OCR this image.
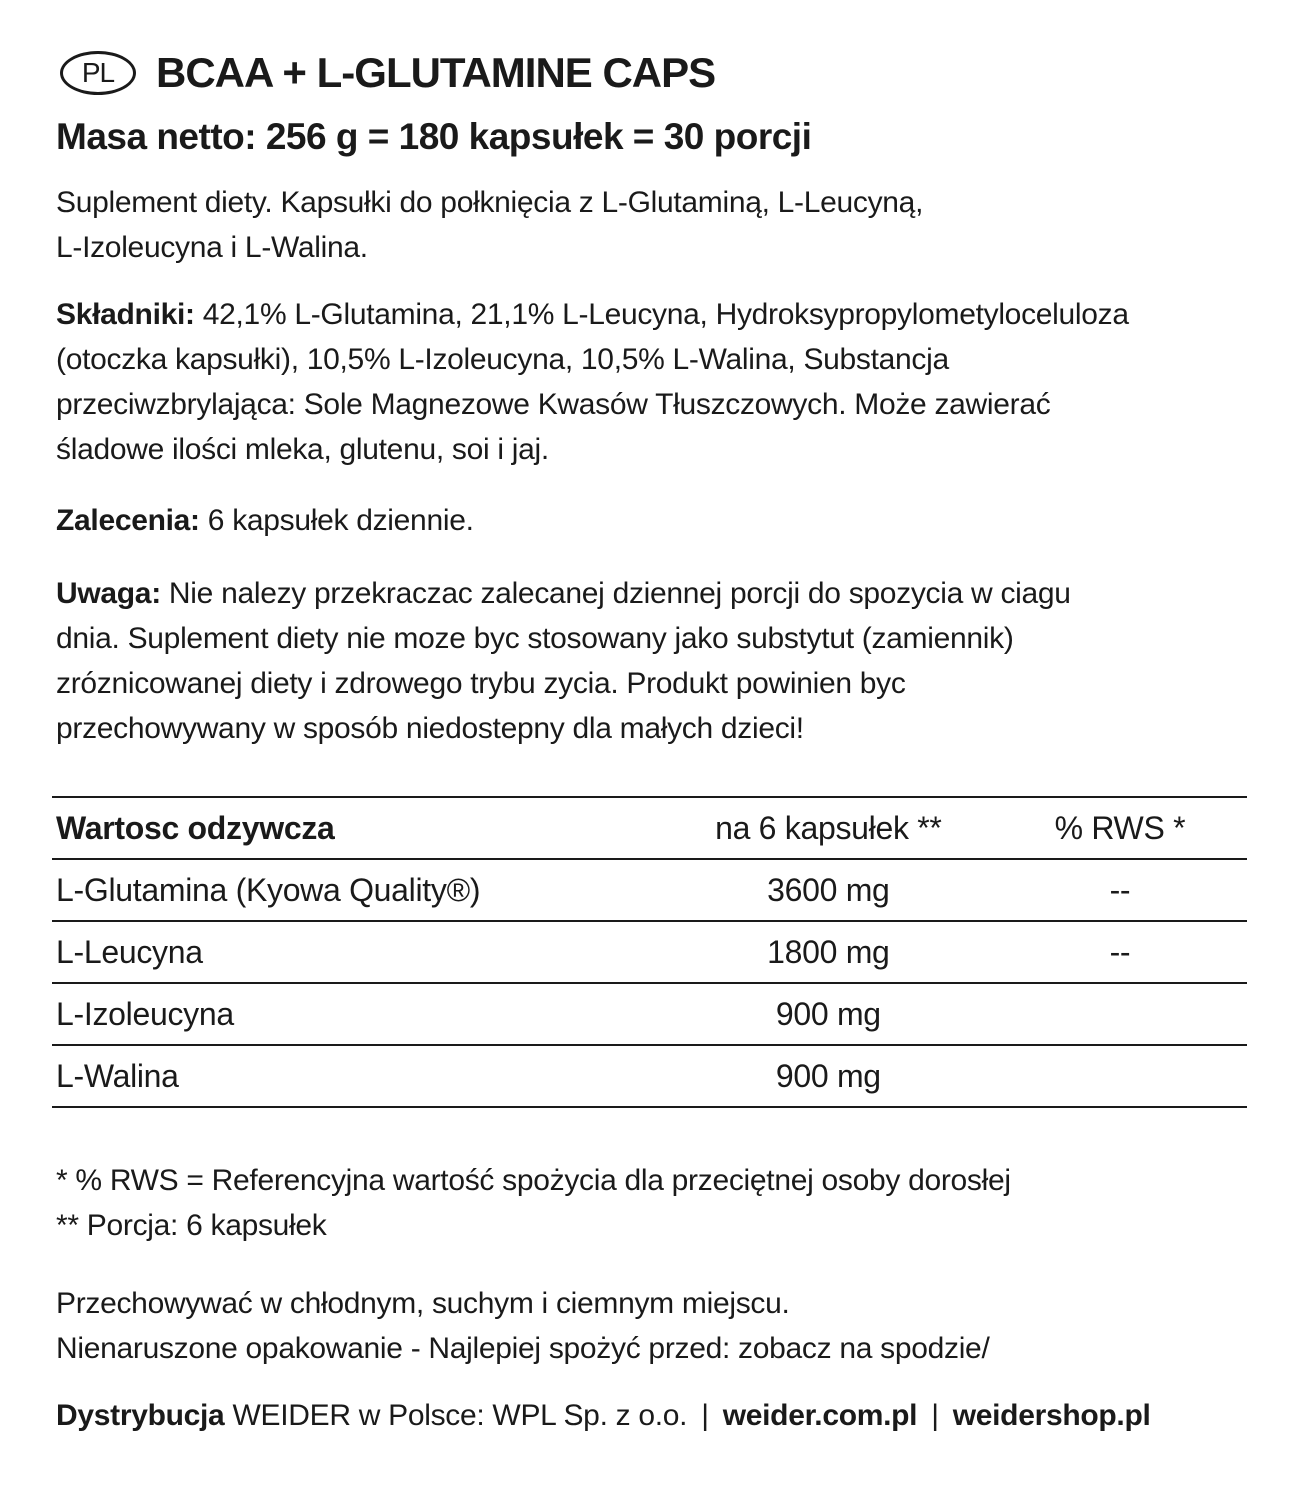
PL BCAA + L-GLUTAMINE CAPS
Masa netto: 256 g = 180 kapsułek = 30 porcji
Suplement diety. Kapsułki do połknięcia z L-Glutaminą, L-Leucyną,
L-Izoleucyna i L-Walina.
Składniki: 42,1% L-Glutamina, 21,1% L-Leucyna, Hydroksypropylometyloceluloza
(otoczka kapsułki), 10,5% L-Izoleucyna, 10,5% L-Walina, Substancja
przeciwzbrylająca: Sole Magnezowe Kwasów Tłuszczowych. Może zawierać
śladowe ilości mleka, glutenu, soi i jaj.
Zalecenia: 6 kapsułek dziennie.
Uwaga: Nie nalezy przekraczac zalecanej dziennej porcji do spozycia w ciagu
dnia. Suplement diety nie moze byc stosowany jako substytut (zamiennik)
zróznicowanej diety i zdrowego trybu zycia. Produkt powinien byc
przechowywany w sposób niedostepny dla małych dzieci!
Wartosc odzywcza	na 6 kapsułek **	% RWS *
L-Glutamina (Kyowa Quality®)	3600 mg	--
L-Leucyna	1800 mg	--
L-Izoleucyna	900 mg	
L-Walina	900 mg	
* % RWS = Referencyjna wartość spożycia dla przeciętnej osoby dorosłej
** Porcja: 6 kapsułek
Przechowywać w chłodnym, suchym i ciemnym miejscu.
Nienaruszone opakowanie - Najlepiej spożyć przed: zobacz na spodzie/
Dystrybucja WEIDER w Polsce: WPL Sp. z o.o. | weider.com.pl | weidershop.pl
